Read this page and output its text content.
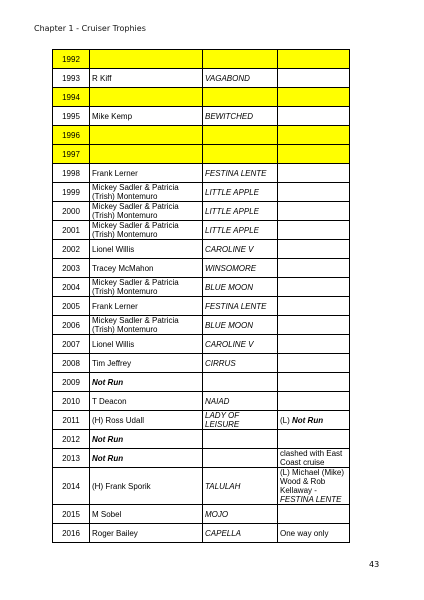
Chapter 1 - Cruiser Trophies
1992			
1993	R Kiff	VAGABOND	
1994			
1995	Mike Kemp	BEWITCHED	
1996			
1997			
1998	Frank Lerner	FESTINA LENTE	
1999	Mickey Sadler & Patricia (Trish) Montemuro	LITTLE APPLE	
2000	Mickey Sadler & Patricia (Trish) Montemuro	LITTLE APPLE	
2001	Mickey Sadler & Patricia (Trish) Montemuro	LITTLE APPLE	
2002	Lionel Willis	CAROLINE V	
2003	Tracey McMahon	WINSOMORE	
2004	Mickey Sadler & Patricia (Trish) Montemuro	BLUE MOON	
2005	Frank Lerner	FESTINA LENTE	
2006	Mickey Sadler & Patricia (Trish) Montemuro	BLUE MOON	
2007	Lionel Willis	CAROLINE V	
2008	Tim Jeffrey	CIRRUS	
2009	Not Run		
2010	T Deacon	NAIAD	
2011	(H) Ross Udall	LADY OF LEISURE	(L) Not Run
2012	Not Run		
2013	Not Run		clashed with East Coast cruise
2014	(H) Frank Sporik	TALULAH	(L) Michael (Mike) Wood & Rob Kellaway - FESTINA LENTE
2015	M Sobel	MOJO	
2016	Roger Bailey	CAPELLA	One way only
43
